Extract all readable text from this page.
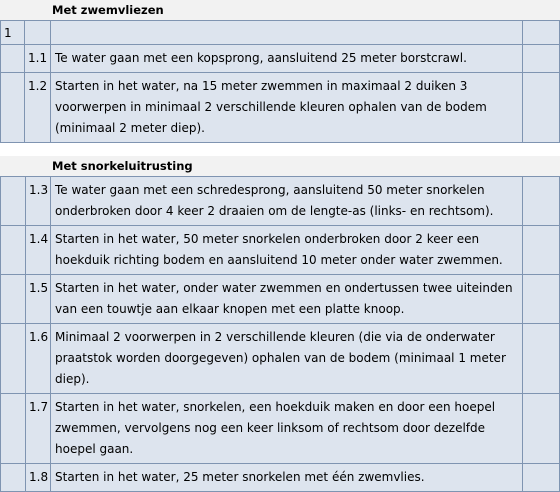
Met zwemvliezen
1			
	1.1	Te water gaan met een kopsprong, aansluitend 25 meter borstcrawl.	
	1.2	Starten in het water, na 15 meter zwemmen in maximaal 2 duiken 3 voorwerpen in minimaal 2 verschillende kleuren ophalen van de bodem (minimaal 2 meter diep).	
Met snorkeluitrusting
	1.3	Te water gaan met een schredesprong, aansluitend 50 meter snorkelen onderbroken door 4 keer 2 draaien om de lengte-as (links- en rechtsom).	
	1.4	Starten in het water, 50 meter snorkelen onderbroken door 2 keer een hoekduik richting bodem en aansluitend 10 meter onder water zwemmen.	
	1.5	Starten in het water, onder water zwemmen en ondertussen twee uiteinden van een touwtje aan elkaar knopen met een platte knoop.	
	1.6	Minimaal 2 voorwerpen in 2 verschillende kleuren (die via de onderwater praatstok worden doorgegeven) ophalen van de bodem (minimaal 1 meter diep).	
	1.7	Starten in het water, snorkelen, een hoekduik maken en door een hoepel zwemmen, vervolgens nog een keer linksom of rechtsom door dezelfde hoepel gaan.	
	1.8	Starten in het water, 25 meter snorkelen met één zwemvlies.	
